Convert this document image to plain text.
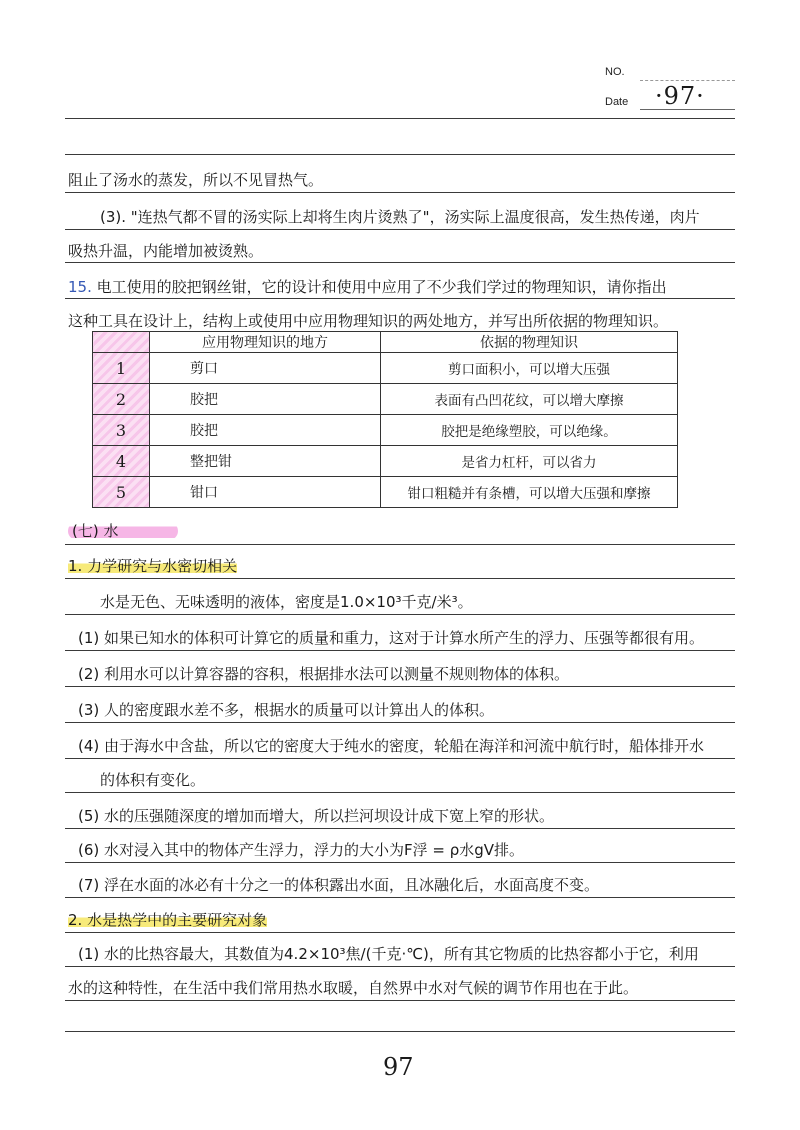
NO.
Date ·97·
阻止了汤水的蒸发，所以不见冒热气。
(3). "连热气都不冒的汤实际上却将生肉片烫熟了"，汤实际上温度很高，发生热传递，肉片
吸热升温，内能增加被烫熟。
15. 电工使用的胶把钢丝钳，它的设计和使用中应用了不少我们学过的物理知识，请你指出
这种工具在设计上，结构上或使用中应用物理知识的两处地方，并写出所依据的物理知识。
	应用物理知识的地方	依据的物理知识
1	剪口	剪口面积小，可以增大压强
2	胶把	表面有凸凹花纹，可以增大摩擦
3	胶把	胶把是绝缘塑胶，可以绝缘。
4	整把钳	是省力杠杆，可以省力
5	钳口	钳口粗糙并有条槽，可以增大压强和摩擦
(七) 水
1. 力学研究与水密切相关
水是无色、无味透明的液体，密度是1.0×10³千克/米³。
(1) 如果已知水的体积可计算它的质量和重力，这对于计算水所产生的浮力、压强等都很有用。
(2) 利用水可以计算容器的容积，根据排水法可以测量不规则物体的体积。
(3) 人的密度跟水差不多，根据水的质量可以计算出人的体积。
(4) 由于海水中含盐，所以它的密度大于纯水的密度，轮船在海洋和河流中航行时，船体排开水
的体积有变化。
(5) 水的压强随深度的增加而增大，所以拦河坝设计成下宽上窄的形状。
(6) 水对浸入其中的物体产生浮力，浮力的大小为F浮 = ρ水gV排。
(7) 浮在水面的冰必有十分之一的体积露出水面，且冰融化后，水面高度不变。
2. 水是热学中的主要研究对象
(1) 水的比热容最大，其数值为4.2×10³焦/(千克·℃)，所有其它物质的比热容都小于它，利用
水的这种特性，在生活中我们常用热水取暖，自然界中水对气候的调节作用也在于此。
97
